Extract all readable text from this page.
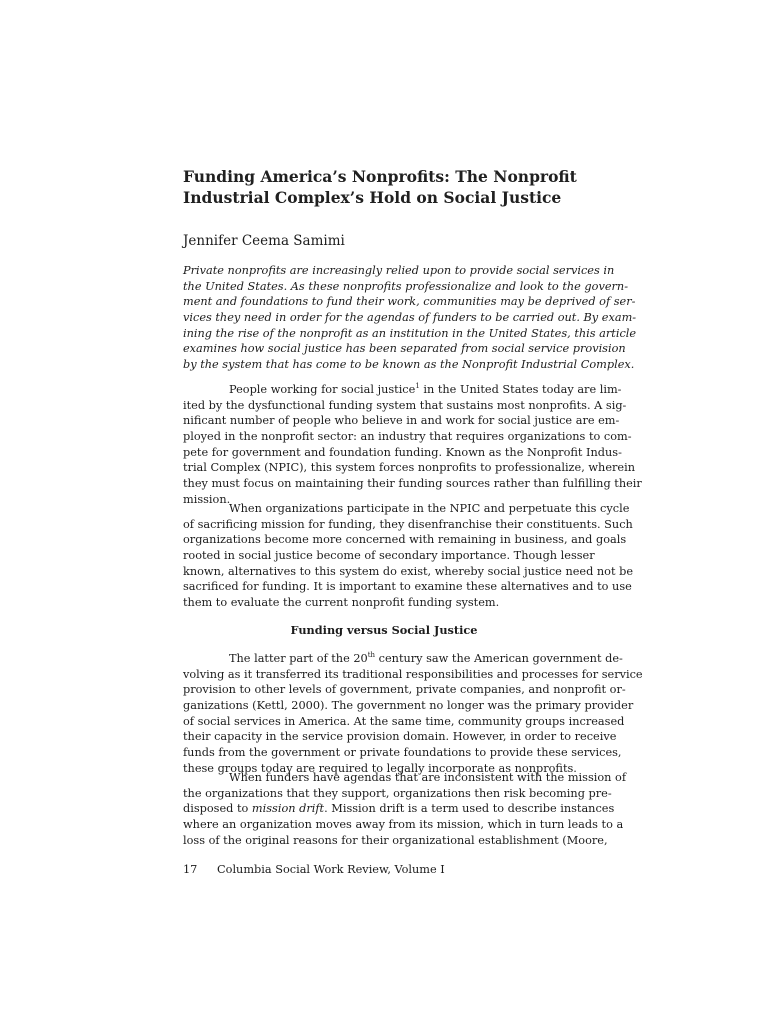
Funding America’s Nonprofits: The Nonprofit
Industrial Complex’s Hold on Social Justice
Jennifer Ceema Samimi
Private nonprofits are increasingly relied upon to provide social services in
the United States. As these nonprofits professionalize and look to the govern-
ment and foundations to fund their work, communities may be deprived of ser-
vices they need in order for the agendas of funders to be carried out. By exam-
ining the rise of the nonprofit as an institution in the United States, this article
examines how social justice has been separated from social service provision
by the system that has come to be known as the Nonprofit Industrial Complex.
People working for social justice$^1$ in the United States today are lim-
ited by the dysfunctional funding system that sustains most nonprofits. A sig-
nificant number of people who believe in and work for social justice are em-
ployed in the nonprofit sector: an industry that requires organizations to com-
pete for government and foundation funding. Known as the Nonprofit Indus-
trial Complex (NPIC), this system forces nonprofits to professionalize, wherein
they must focus on maintaining their funding sources rather than fulfilling their
mission.
When organizations participate in the NPIC and perpetuate this cycle
of sacrificing mission for funding, they disenfranchise their constituents. Such
organizations become more concerned with remaining in business, and goals
rooted in social justice become of secondary importance. Though lesser
known, alternatives to this system do exist, whereby social justice need not be
sacrificed for funding. It is important to examine these alternatives and to use
them to evaluate the current nonprofit funding system.
Funding versus Social Justice
The latter part of the 20th century saw the American government de-
volving as it transferred its traditional responsibilities and processes for service
provision to other levels of government, private companies, and nonprofit or-
ganizations (Kettl, 2000). The government no longer was the primary provider
of social services in America. At the same time, community groups increased
their capacity in the service provision domain. However, in order to receive
funds from the government or private foundations to provide these services,
these groups today are required to legally incorporate as nonprofits.
When funders have agendas that are inconsistent with the mission of
the organizations that they support, organizations then risk becoming pre-
disposed to mission drift. Mission drift is a term used to describe instances
where an organization moves away from its mission, which in turn leads to a
loss of the original reasons for their organizational establishment (Moore,
17 Columbia Social Work Review, Volume I
